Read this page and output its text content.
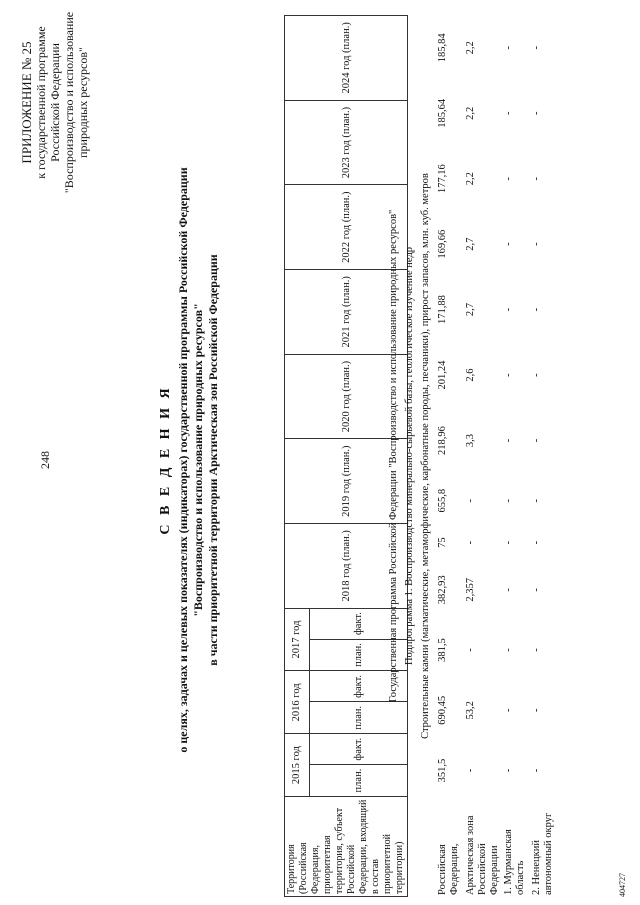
248
ПРИЛОЖЕНИЕ № 25 к государственной программе Российской Федерации "Воспроизводство и использование природных ресурсов"
С В Е Д Е Н И Я о целях, задачах и целевых показателях (индикаторах) государственной программы Российской Федерации "Воспроизводство и использование природных ресурсов" в части приоритетной территории Арктическая зон Российской Федерации
Территория (Российская Федерация, приоритетная территория, субъект Российской Федерации, входящий в состав приоритетной территории)	2015 год		2016 год		2017 год		2018 год (план.)	2019 год (план.)	2020 год (план.)	2021 год (план.)	2022 год (план.)	2023 год (план.)	2024 год (план.)
	план.	факт.	план.	факт.	план.	факт.							Государственная программа Российской Федерации "Воспроизводство и использование природных ресурсов" Подпрограмма 1. Воспроизводство минерально-сырьевой базы, геологическое изучение недр Строительные камни (магматические, метаморфические, карбонатные породы, песчаники), прирост запасов, млн. куб. метров
Российская Федерация,	351,5	690,45	381,5	382,93	75	655,8	218,96	201,24	171,88	169,66	177,16	185,64	185,84
Арктическая зона Российской Федерации	-	53,2	-	2,357	-	-	3,3	2,6	2,7	2,7	2,2	2,2	2,2
1. Мурманская область	-	-	-	-	-	-	-	-	-	-	-	-	-
2. Ненецкий автономный округ	-	-	-	-	-	-	-	-	-	-	-	-	-
404727
